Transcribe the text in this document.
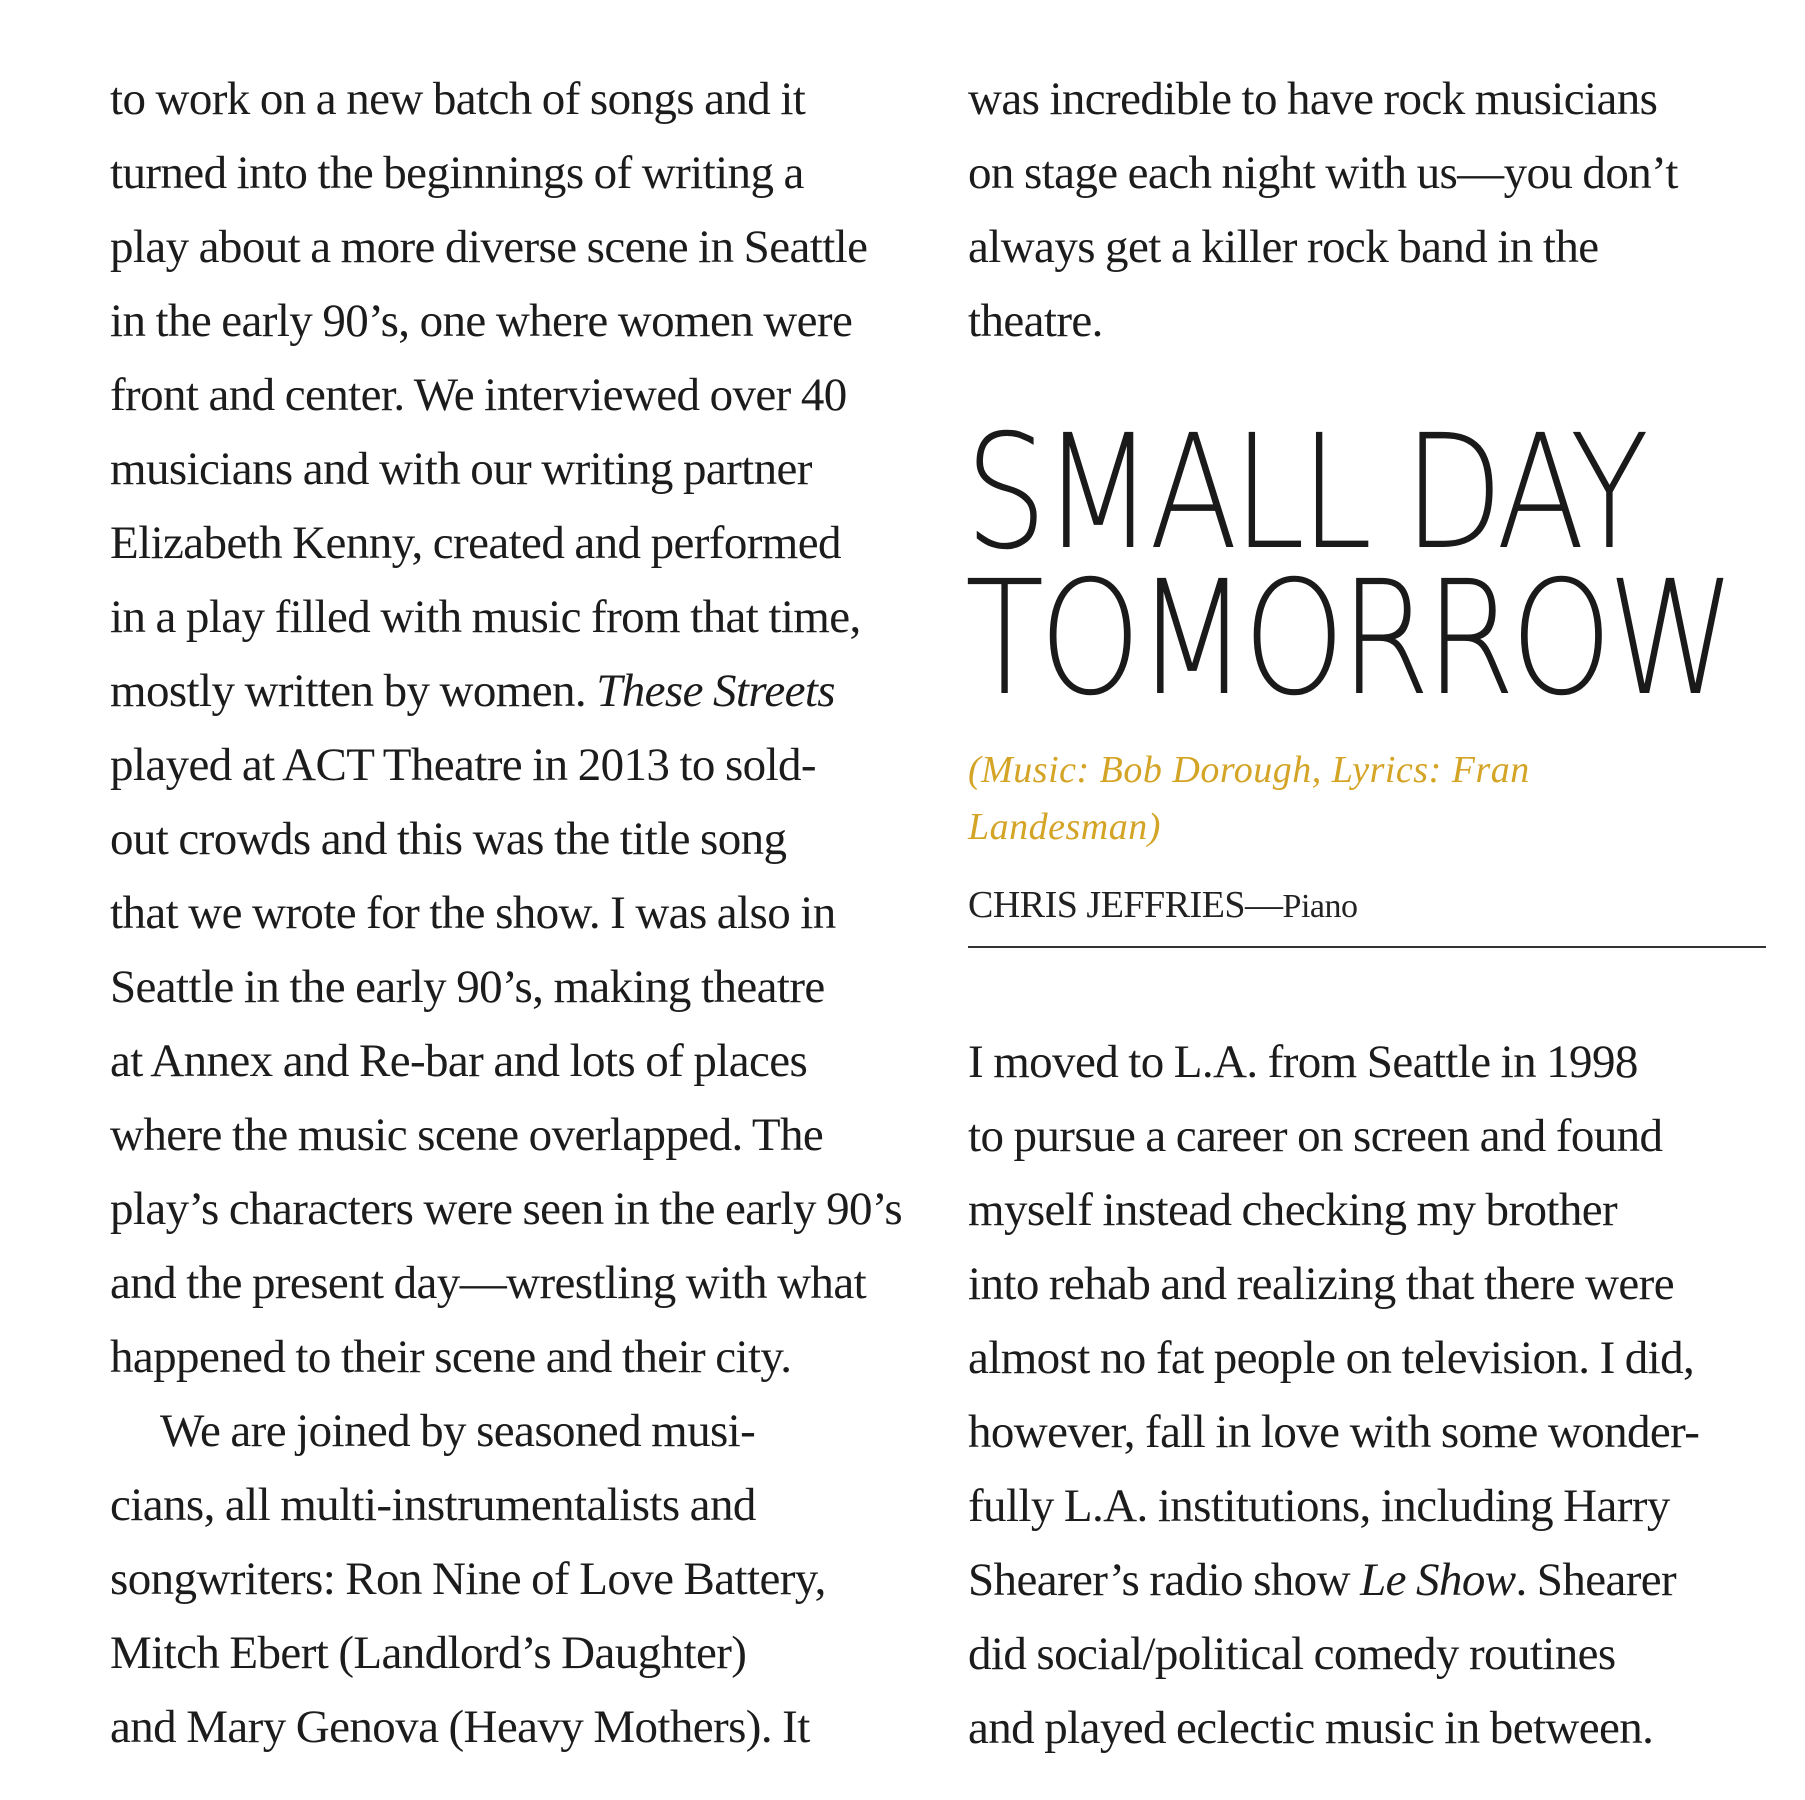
to work on a new batch of songs and it
turned into the beginnings of writing a
play about a more diverse scene in Seattle
in the early 90’s, one where women were
front and center. We interviewed over 40
musicians and with our writing partner
Elizabeth Kenny, created and performed
in a play filled with music from that time,
mostly written by women. These Streets
played at ACT Theatre in 2013 to sold-
out crowds and this was the title song
that we wrote for the show. I was also in
Seattle in the early 90’s, making theatre
at Annex and Re-bar and lots of places
where the music scene overlapped. The
play’s characters were seen in the early 90’s
and the present day—wrestling with what
happened to their scene and their city.
We are joined by seasoned musi-
cians, all multi-instrumentalists and
songwriters: Ron Nine of Love Battery,
Mitch Ebert (Landlord’s Daughter)
and Mary Genova (Heavy Mothers). It
was incredible to have rock musicians
on stage each night with us—you don’t
always get a killer rock band in the
theatre.
SMALL DAY
TOMORROW
(Music: Bob Dorough, Lyrics: Fran
Landesman)
CHRIS JEFFRIES—Piano
I moved to L.A. from Seattle in 1998
to pursue a career on screen and found
myself instead checking my brother
into rehab and realizing that there were
almost no fat people on television. I did,
however, fall in love with some wonder-
fully L.A. institutions, including Harry
Shearer’s radio show Le Show. Shearer
did social/political comedy routines
and played eclectic music in between.
